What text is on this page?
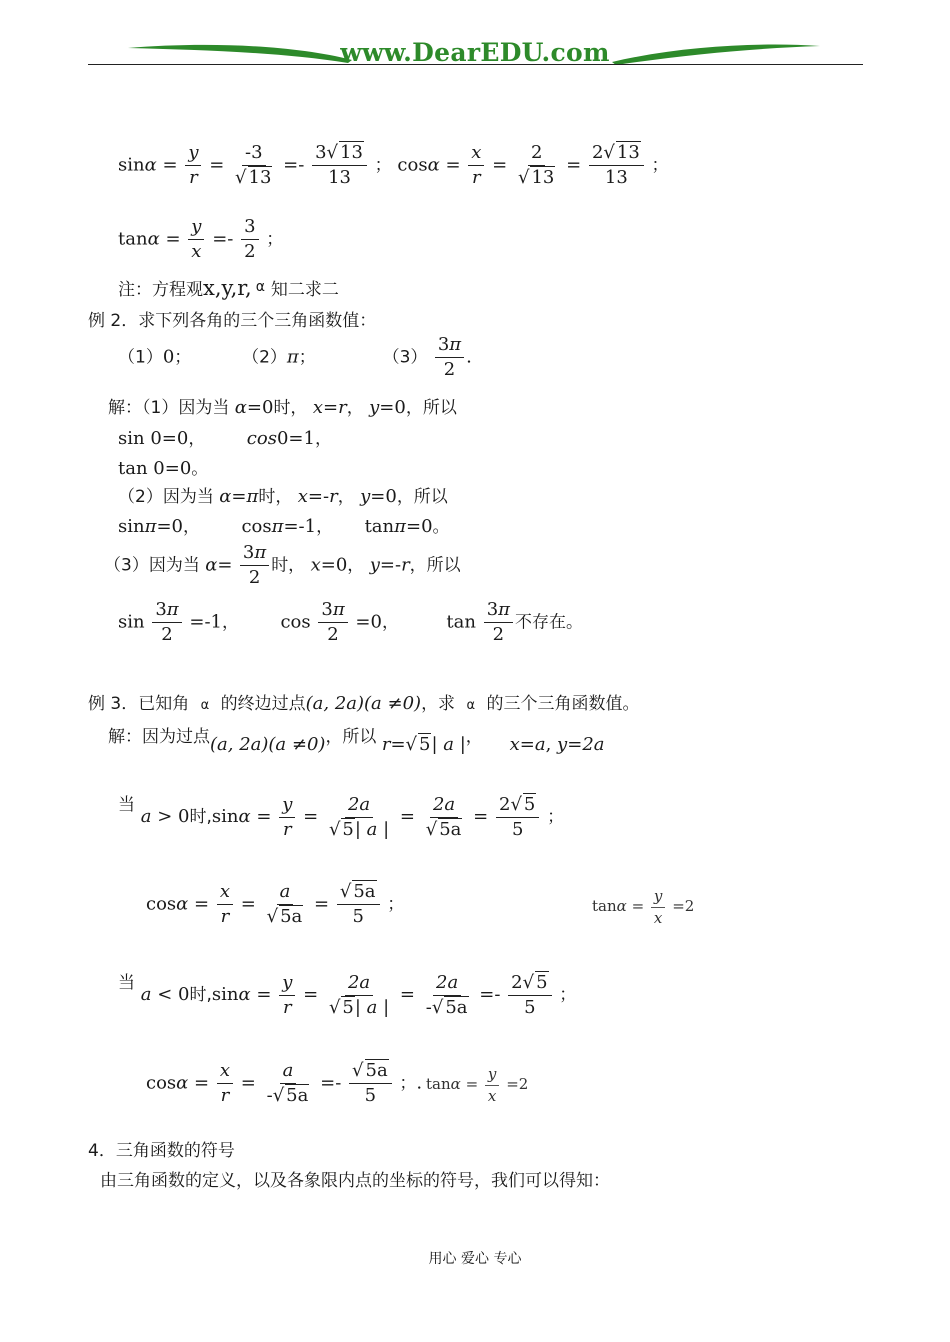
www.DearEDU.com
$\sin\alpha = \frac{y}{r} = \frac{-3}{√ 13} =- \frac{3√ 13}{13}$ ； $\cos\alpha = \frac{x}{r} = \frac{2}{√ 13} = \frac{2√ 13}{13}$ ；
$\tan\alpha = \frac{y}{x} =- \frac{3}{2}$ ；
注：方程观x,y,r, α 知二求二
例 2．求下列各角的三个三角函数值：
（1）0；	（2）π；	$(3) \frac{3\pi}{2}$ .
解：（1）因为当 α=0时， x=r， y=0，所以
sin 0=0， cos0=1，
tan 0=0。
（2）因为当 α=π时， x=-r， y=0，所以
sinπ=0， cosπ=-1， tanπ=0。
（3）因为当 $\alpha= \frac{3\pi}{2}$ 时， x=0， y=-r，所以
$\sin \frac{3\pi}{2} =-1$， $\cos \frac{3\pi}{2} =0$，	$\tan \frac{3\pi}{2}$ 不存在。
例 3．已知角 α 的终边过点(a, 2a)(a ≠0)，求 α 的三个三角函数值。
解：因为过点(a, 2a)(a ≠0)，所以 r=√ 5| a |， x=a, y=2a
当 a > 0时$,\sin\alpha = \frac{y}{r} = \frac{2a}{√ 5| a |} = \frac{2a}{√ 5a} = \frac{2√ 5}{5}$ ；
$\cos\alpha = \frac{x}{r} = \frac{a}{√ 5a} = \frac{√ 5a}{5}$ ；	$\tan\alpha = \frac{y}{x} =2$
当 a < 0时$,\sin\alpha = \frac{y}{r} = \frac{2a}{√ 5| a |} = \frac{2a}{-√ 5a} =- \frac{2√ 5}{5}$ ；
$\cos\alpha = \frac{x}{r} = \frac{a}{-√ 5a} =- \frac{√ 5a}{5}$ ；. $\tan\alpha = \frac{y}{x} =2$
4．三角函数的符号
由三角函数的定义，以及各象限内点的坐标的符号，我们可以得知：
用心 爱心 专心
